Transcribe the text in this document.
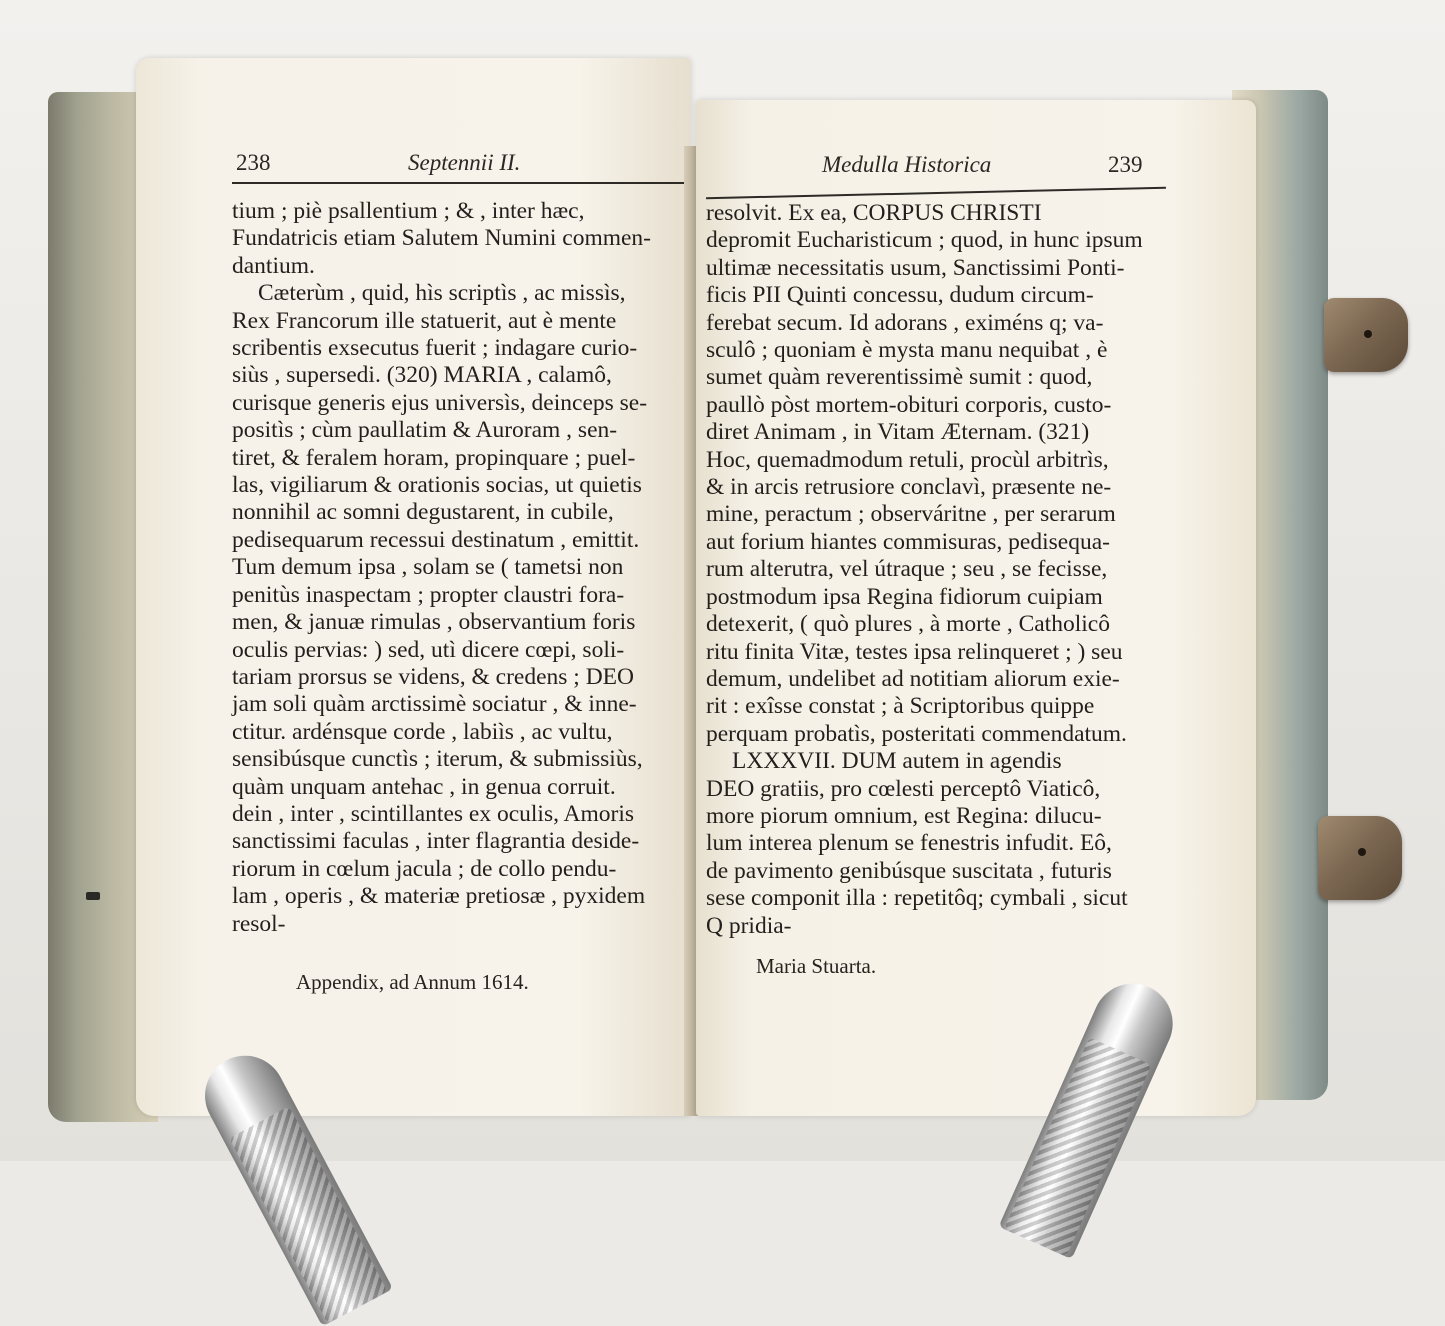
238	Septennii II.

tium ; piè psallentium ; & , inter hæc,

Fundatricis etiam Salutem Numini commen-

dantium.

Cæterùm , quid, hìs scriptìs , ac missìs,

Rex Francorum ille statuerit, aut è mente

scribentis exsecutus fuerit ; indagare curio-

siùs , supersedi. (320) MARIA , calamô,

curisque generis ejus universìs, deinceps se-

positìs ; cùm paullatim & Auroram , sen-

tiret, & feralem horam, propinquare ; puel-

las, vigiliarum & orationis socias, ut quietis

nonnihil ac somni degustarent, in cubile,

pedisequarum recessui destinatum , emittit.

Tum demum ipsa , solam se ( tametsi non

penitùs inaspectam ; propter claustri fora-

men, & januæ rimulas , observantium foris

oculis pervias: ) sed, utì dicere cœpi, soli-

tariam prorsus se videns, & credens ; DEO

jam soli quàm arctissimè sociatur , & inne-

ctitur. ardénsque corde , labiìs , ac vultu,

sensibúsque cunctìs ; iterum, & submissiùs,

quàm unquam antehac , in genua corruit.

dein , inter , scintillantes ex oculis, Amoris

sanctissimi faculas , inter flagrantia deside-

riorum in cœlum jacula ; de collo pendu-

lam , operis , & materiæ pretiosæ , pyxidem

resol-

Appendix, ad Annum 1614.
Medulla Historica	239

resolvit. Ex ea, CORPUS CHRISTI

depromit Eucharisticum ; quod, in hunc ipsum

ultimæ necessitatis usum, Sanctissimi Ponti-

ficis PII Quinti concessu, dudum circum-

ferebat secum. Id adorans , eximéns q; va-

sculô ; quoniam è mysta manu nequibat , è

sumet quàm reverentissimè sumit : quod,

paullò pòst mortem-obituri corporis, custo-

diret Animam , in Vitam Æternam. (321)

Hoc, quemadmodum retuli, procùl arbitrìs,

& in arcis retrusiore conclavì, præsente ne-

mine, peractum ; observáritne , per serarum

aut forium hiantes commisuras, pedisequa-

rum alterutra, vel útraque ; seu , se fecisse,

postmodum ipsa Regina fidiorum cuipiam

detexerit, ( quò plures , à morte , Catholicô

ritu finita Vitæ, testes ipsa relinqueret ; ) seu

demum, undelibet ad notitiam aliorum exie-

rit : exîsse constat ; à Scriptoribus quippe

perquam probatìs, posteritati commendatum.

LXXXVII. DUM autem in agendis

DEO gratiis, pro cœlesti perceptô Viaticô,

more piorum omnium, est Regina: dilucu-

lum interea plenum se fenestris infudit. Eô,

de pavimento genibúsque suscitata , futuris

sese componit illa : repetitôq; cymbali , sicut

Q pridia-

Maria Stuarta.
